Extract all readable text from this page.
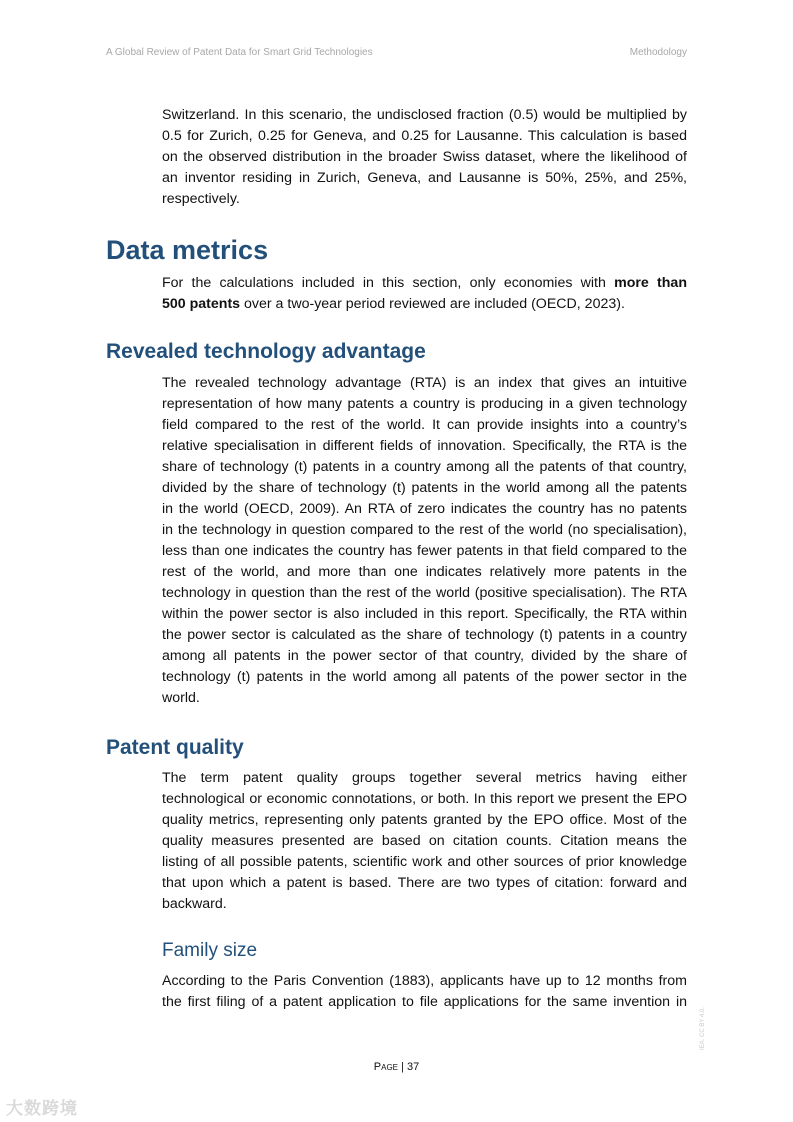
A Global Review of Patent Data for Smart Grid Technologies	Methodology
Switzerland. In this scenario, the undisclosed fraction (0.5) would be multiplied by
0.5 for Zurich, 0.25 for Geneva, and 0.25 for Lausanne. This calculation is based
on the observed distribution in the broader Swiss dataset, where the likelihood of
an inventor residing in Zurich, Geneva, and Lausanne is 50%, 25%, and 25%,
respectively.
Data metrics
For the calculations included in this section, only economies with more than
500 patents over a two-year period reviewed are included (OECD, 2023).
Revealed technology advantage
The revealed technology advantage (RTA) is an index that gives an intuitive
representation of how many patents a country is producing in a given technology
field compared to the rest of the world. It can provide insights into a country’s
relative specialisation in different fields of innovation. Specifically, the RTA is the
share of technology (t) patents in a country among all the patents of that country,
divided by the share of technology (t) patents in the world among all the patents
in the world (OECD, 2009). An RTA of zero indicates the country has no patents
in the technology in question compared to the rest of the world (no specialisation),
less than one indicates the country has fewer patents in that field compared to the
rest of the world, and more than one indicates relatively more patents in the
technology in question than the rest of the world (positive specialisation). The RTA
within the power sector is also included in this report. Specifically, the RTA within
the power sector is calculated as the share of technology (t) patents in a country
among all patents in the power sector of that country, divided by the share of
technology (t) patents in the world among all patents of the power sector in the
world.
Patent quality
The term patent quality groups together several metrics having either
technological or economic connotations, or both. In this report we present the EPO
quality metrics, representing only patents granted by the EPO office. Most of the
quality measures presented are based on citation counts. Citation means the
listing of all possible patents, scientific work and other sources of prior knowledge
that upon which a patent is based. There are two types of citation: forward and
backward.
Family size
According to the Paris Convention (1883), applicants have up to 12 months from
the first filing of a patent application to file applications for the same invention in
Page | 37
IEA. CC BY 4.0.
大数跨境
